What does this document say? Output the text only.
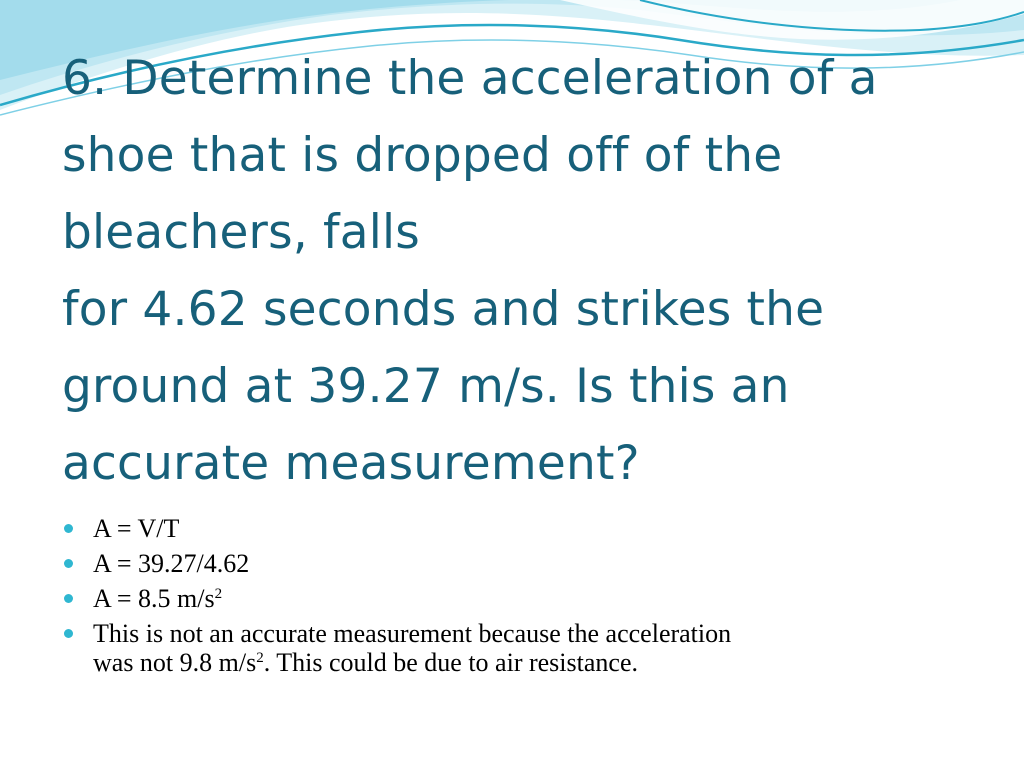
6. Determine the acceleration of a
shoe that is dropped off of the
bleachers, falls
for 4.62 seconds and strikes the
ground at 39.27 m/s. Is this an
accurate measurement?
A = V/T
A = 39.27/4.62
A = 8.5 $m/s^2$
This is not an accurate measurement because the acceleration
was not 9.8 $m/s^2$. This could be due to air resistance.
